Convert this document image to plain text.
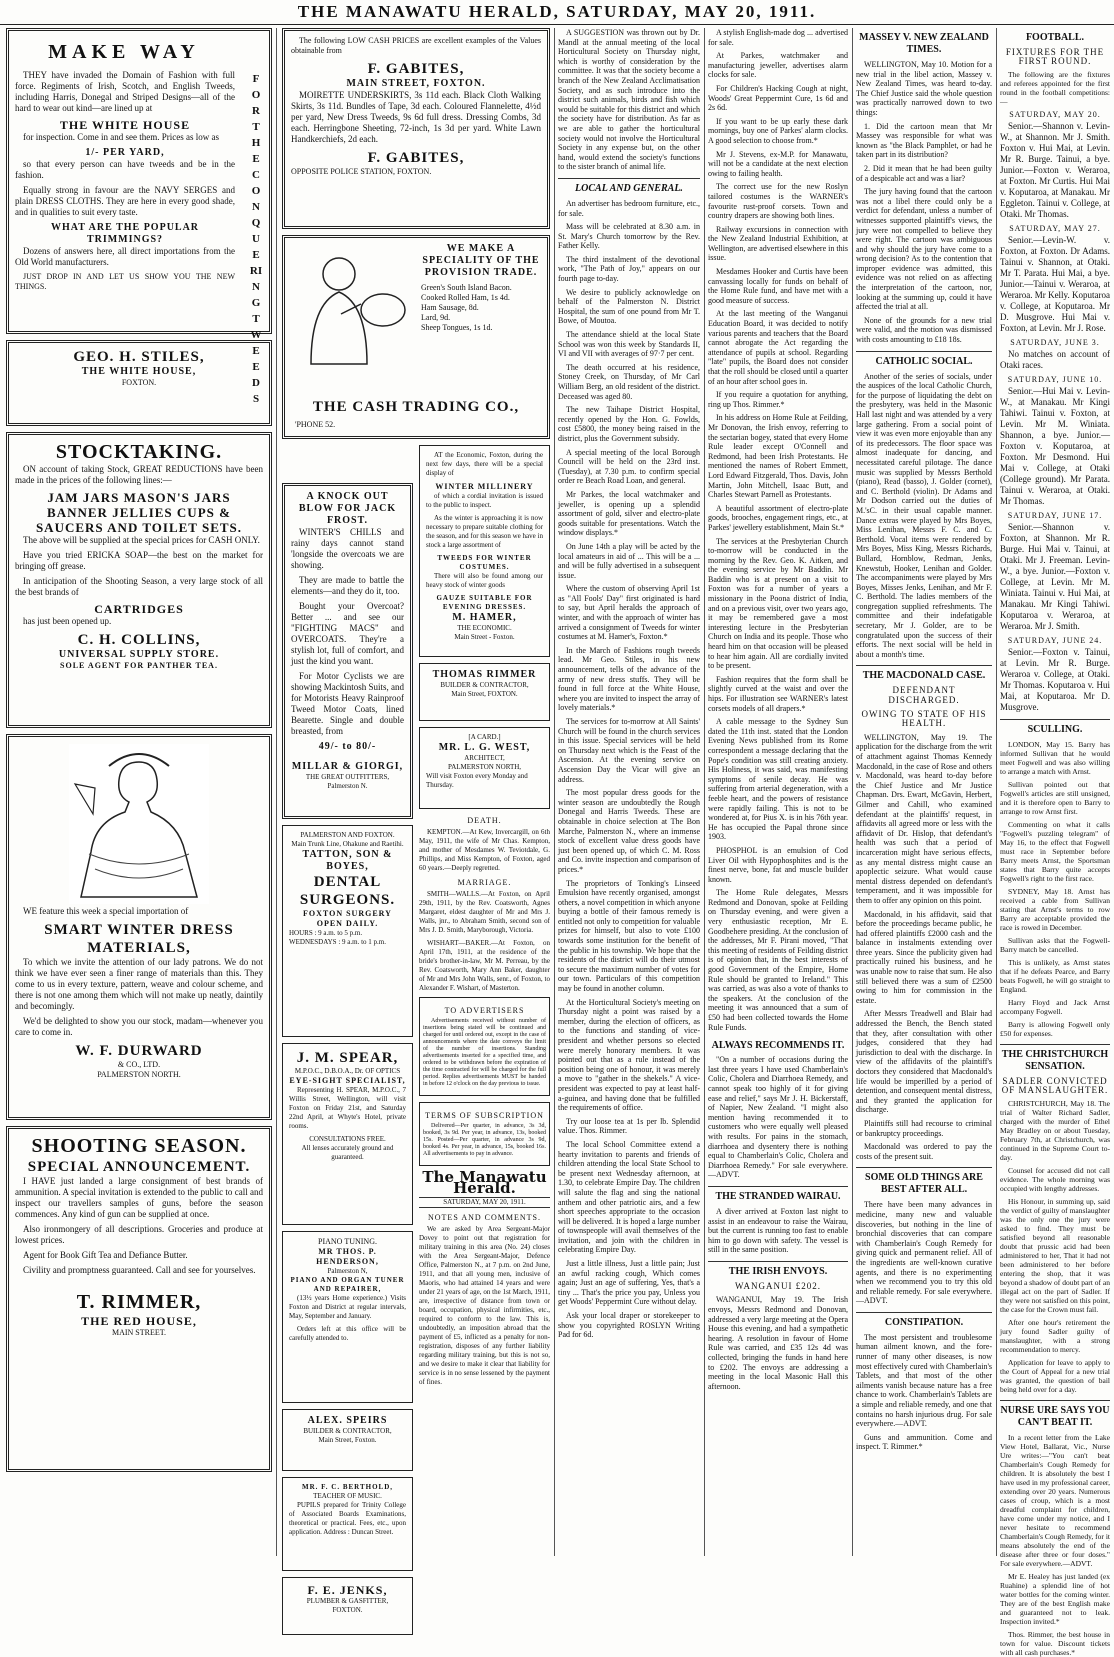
THE MANAWATU HERALD, SATURDAY, MAY 20, 1911.
MAKE WAY
FOR THE CONQUERING TWEEDS

THEY have invaded the Domain of Fashion with full force. Regiments of Irish, Scotch, and English Tweeds, including Harris, Donegal and Striped Designs—all of the hard to wear out kind—are lined up at

THE WHITE HOUSE

for inspection. Come in and see them. Prices as low as

1/- PER YARD,

so that every person can have tweeds and be in the fashion.

Equally strong in favour are the NAVY SERGES and plain DRESS CLOTHS. They are here in every good shade, and in qualities to suit every taste.

WHAT ARE THE POPULAR TRIMMINGS?

Dozens of answers here, all direct importations from the Old World manufacturers.

JUST DROP IN AND LET US SHOW YOU THE NEW THINGS.

GEO. H. STILES,
THE WHITE HOUSE,
FOXTON.
STOCKTAKING.

ON account of taking Stock, GREAT REDUCTIONS have been made in the prices of the following lines:—

JAM JARS MASON'S JARS BANNER JELLIES CUPS & SAUCERS AND TOILET SETS.

The above will be supplied at the special prices for CASH ONLY.

Have you tried ERICKA SOAP—the best on the market for bringing off grease.

In anticipation of the Shooting Season, a very large stock of all the best brands of

CARTRIDGES

has just been opened up.

C. H. COLLINS,
UNIVERSAL SUPPLY STORE.
SOLE AGENT FOR PANTHER TEA.

WE feature this week a special importation of

SMART WINTER DRESS MATERIALS,

To which we invite the attention of our lady patrons. We do not think we have ever seen a finer range of materials than this. They come to us in every texture, pattern, weave and colour scheme, and there is not one among them which will not make up neatly, daintily and becomingly.

We'd be delighted to show you our stock, madam—whenever you care to come in.

W. F. DURWARD
& CO., LTD.
PALMERSTON NORTH.
SHOOTING SEASON.
SPECIAL ANNOUNCEMENT.

I HAVE just landed a large consignment of best brands of ammunition. A special invitation is extended to the public to call and inspect our travellers samples of guns, before the season commences. Any kind of gun can be supplied at once.

Also ironmongery of all descriptions. Groceries and produce at lowest prices.

Agent for Book Gift Tea and Defiance Butter.

Civility and promptness guaranteed. Call and see for yourselves.

T. RIMMER,
THE RED HOUSE,
MAIN STREET.

The following LOW CASH PRICES are excellent examples of the Values obtainable from

F. GABITES,
MAIN STREET, FOXTON.

MOIRETTE UNDERSKIRTS, 3s 11d each. Black Cloth Walking Skirts, 3s 11d. Bundles of Tape, 3d each. Coloured Flannelette, 4½d per yard, New Dress Tweeds, 9s 6d full dress. Dressing Combs, 3d each. Herringbone Sheeting, 72-inch, 1s 3d per yard. White Lawn Handkerchiefs, 2d each.

F. GABITES,
OPPOSITE POLICE STATION, FOXTON.
WE MAKE A SPECIALITY OF THE PROVISION TRADE.
Green's South Island Bacon.
Cooked Rolled Ham, 1s 4d.
Ham Sausage, 8d.
Lard, 9d.
Sheep Tongues, 1s 1d.
THE CASH TRADING CO.,
'PHONE 52.
A KNOCK OUT BLOW FOR JACK FROST.

WINTER'S CHILLS and rainy days cannot stand 'longside the overcoats we are showing.

They are made to battle the elements—and they do it, too.

Bought your Overcoat? Better ... and see our "FIGHTING MACS" and OVERCOATS. They're a stylish lot, full of comfort, and just the kind you want.

For Motor Cyclists we are showing Mackintosh Suits, and for Motorists Heavy Rainproof Tweed Motor Coats, lined Bearette. Single and double breasted, from

49/- to 80/-
MILLAR & GIORGI,
THE GREAT OUTFITTERS,
Palmerston N.
PALMERSTON AND FOXTON.
Main Trunk Line, Ohakune and Raetihi.
TATTON, SON & BOYES,
DENTAL SURGEONS.
FOXTON SURGERY OPEN DAILY.
HOURS : 9 a.m. to 5 p.m.
WEDNESDAYS : 9 a.m. to 1 p.m.
J. M. SPEAR,
M.P.O.C., D.B.O.A., Dr. OF OPTICS
EYE-SIGHT SPECIALIST,

Representing H. SPEAR, M.P.O.C., 7 Willis Street, Wellington, will visit Foxton on Friday 21st, and Saturday 22nd April, at Whyte's Hotel, private rooms.

CONSULTATIONS FREE.
All lenses accurately ground and guaranteed.
PIANO TUNING.
MR THOS. P. HENDERSON,
Palmerston N,
PIANO AND ORGAN TUNER AND REPAIRER,

(13½ years Home experience.) Visits Foxton and District at regular intervals, May, September and January.

Orders left at this office will be carefully attended to.

ALEX. SPEIRS
BUILDER & CONTRACTOR,
Main Street, Foxton.
MR. F. C. BERTHOLD,
TEACHER OF MUSIC.

PUPILS prepared for Trinity College of Associated Boards Examinations, theoretical or practical. Fees, etc., upon application. Address : Duncan Street.

F. E. JENKS,
PLUMBER & GASFITTER,
FOXTON.

AT the Economic, Foxton, during the next few days, there will be a special display of

WINTER MILLINERY

of which a cordial invitation is issued to the public to inspect.

As the winter is approaching it is now necessary to prepare suitable clothing for the season, and for this season we have in stock a large assortment of

TWEEDS FOR WINTER COSTUMES.

There will also be found among our heavy stock of winter goods

GAUZE SUITABLE FOR EVENING DRESSES.
M. HAMER,
THE ECONOMIC.
Main Street - Foxton.
THOMAS RIMMER
BUILDER & CONTRACTOR,
Main Street, FOXTON.
[A CARD.]
MR. L. G. WEST,
ARCHITECT,
PALMERSTON NORTH,
Will visit Foxton every Monday and Thursday.
DEATH.

KEMPTON.—At Kew, Invercargill, on 6th May, 1911, the wife of Mr Chas. Kempton, and mother of Mesdames W. Teviotdale, G. Phillips, and Miss Kempton, of Foxton, aged 60 years.—Deeply regretted.

MARRIAGE.

SMITH—WALLS.—At Foxton, on April 29th, 1911, by the Rev. Coatsworth, Agnes Margaret, eldest daughter of Mr and Mrs J. Walls, jnr., to Abraham Smith, second son of Mrs J. D. Smith, Maryborough, Victoria.

WISHART—BAKER.—At Foxton, on April 17th, 1911, at the residence of the bride's brother-in-law, Mr M. Perreau, by the Rev. Coatsworth, Mary Ann Baker, daughter of Mr and Mrs John Walls, senr., of Foxton, to Alexander F. Wishart, of Masterton.

TO ADVERTISERS

Advertisements received without number of insertions being stated will be continued and charged for until ordered out, except in the case of announcements where the date conveys the limit of the number of insertions. Standing advertisements inserted for a specified time, and ordered to be withdrawn before the expiration of the time contracted for will be charged for the full period. Replies advertisements MUST be handed in before 12 o'clock on the day previous to issue.

TERMS OF SUBSCRIPTION

Delivered—Per quarter, in advance, 3s 3d, booked, 3s 9d. Per year, in advance, 13s, booked 15s. Posted—Per quarter, in advance 3s 9d, booked 4s. Per year, in advance, 15s, booked 16s. All advertisements to pay in advance.

The Manawatu Herald.
SATURDAY, MAY 20, 1911.
NOTES AND COMMENTS.

We are asked by Area Sergeant-Major Dovey to point out that registration for military training in this area (No. 24) closes with the Area Sergeant-Major, Defence Office, Palmerston N., at 7 p.m. on 2nd June, 1911, and that all young men, inclusive of Maoris, who had attained 14 years and were under 21 years of age, on the 1st March, 1911, are, irrespective of distance from town or board, occupation, physical infirmities, etc., required to conform to the law. This is, undoubtedly, an imposition abroad that the payment of £5, inflicted as a penalty for non-registration, disposes of any further liability regarding military training, but this is not so, and we desire to make it clear that liability for service is in no sense lessened by the payment of fines.

A SUGGESTION was thrown out by Dr. Mandl at the annual meeting of the local Horticultural Society on Thursday night, which is worthy of consideration by the committee. It was that the society become a branch of the New Zealand Acclimatisation Society, and as such introduce into the district such animals, birds and fish which would be suitable for this district and which the society have for distribution. As far as we are able to gather the horticultural society would not involve the Horticultural Society in any expense but, on the other hand, would extend the society's functions to the sister branch of animal life.

LOCAL AND GENERAL.

An advertiser has bedroom furniture, etc., for sale.

Mass will be celebrated at 8.30 a.m. in St. Mary's Church tomorrow by the Rev. Father Kelly.

The third instalment of the devotional work, "The Path of Joy," appears on our fourth page to-day.

We desire to publicly acknowledge on behalf of the Palmerston N. District Hospital, the sum of one pound from Mr T. Bowe, of Moutoa.

The attendance shield at the local State School was won this week by Standards II, VI and VII with averages of 97·7 per cent.

The death occurred at his residence, Stoney Creek, on Thursday, of Mr Carl William Berg, an old resident of the district. Deceased was aged 80.

The new Taihape District Hospital, recently opened by the Hon. G. Fowlds, cost £5800, the money being raised in the district, plus the Government subsidy.

A special meeting of the local Borough Council will be held on the 23rd inst. (Tuesday), at 7.30 p.m. to confirm special order re Beach Road Loan, and general.

Mr Parkes, the local watchmaker and jeweller, is opening up a splendid assortment of gold, silver and electro-plate goods suitable for presentations. Watch the window displays.*

On June 14th a play will be acted by the local amateurs in aid of ... This will be a ... and will be fully advertised in a subsequent issue.

Where the custom of observing April 1st as "All Fools' Day" first originated is hard to say, but April heralds the approach of winter, and with the approach of winter has arrived a consignment of Tweeds for winter costumes at M. Hamer's, Foxton.*

In the March of Fashions rough tweeds lead. Mr Geo. Stiles, in his new announcement, tells of the advance of the army of new dress stuffs. They will be found in full force at the White House, where you are invited to inspect the array of lovely materials.*

The services for to-morrow at All Saints' Church will be found in the church services in this issue. Special services will be held on Thursday next which is the Feast of the Ascension. At the evening service on Ascension Day the Vicar will give an address.

The most popular dress goods for the winter season are undoubtedly the Rough Donegal and Harris Tweeds. These are obtainable in choice selection at The Bon Marche, Palmerston N., where an immense stock of excellent value dress goods have just been opened up, of which C. M. Ross and Co. invite inspection and comparison of prices.*

The proprietors of Tonking's Linseed Emulsion have recently organised, amongst others, a novel competition in which anyone buying a bottle of their famous remedy is entitled not only to competition for valuable prizes for himself, but also to vote £100 towards some institution for the benefit of the public in his township. We hope that the residents of the district will do their utmost to secure the maximum number of votes for our town. Particulars of this competition may be found in another column.

At the Horticultural Society's meeting on Thursday night a point was raised by a member, during the election of officers, as to the functions and standing of vice-president and whether persons so elected were merely honorary members. It was pointed out that as a rule instead of the position being one of honour, it was merely a move to "gather in the shekels." A vice-president was expected to pay at least half-a-guinea, and having done that be fulfilled the requirements of office.

Try our loose tea at 1s per lb. Splendid value. Thos. Rimmer.

The local School Committee extend a hearty invitation to parents and friends of children attending the local State School to be present next Wednesday afternoon, at 1.30, to celebrate Empire Day. The children will salute the flag and sing the national anthem and other patriotic airs, and a few short speeches appropriate to the occasion will be delivered. It is hoped a large number of townspeople will avail themselves of the invitation, and join with the children in celebrating Empire Day.

Just a little illness, Just a little pain; Just an awful racking cough, Which comes again; Just an age of suffering, Yes, that's a tiny ... That's the price you pay, Unless you get Woods' Peppermint Cure without delay.

Ask your local draper or storekeeper to show you copyrighted ROSLYN Writing Pad for 6d.

A stylish English-made dog ... advertised for sale.

At Parkes, watchmaker and manufacturing jeweller, advertises alarm clocks for sale.

For Children's Hacking Cough at night, Woods' Great Peppermint Cure, 1s 6d and 2s 6d.

If you want to be up early these dark mornings, buy one of Parkes' alarm clocks. A good selection to choose from.*

Mr J. Stevens, ex-M.P. for Manawatu, will not be a candidate at the next election owing to failing health.

The correct use for the new Roslyn tailored costumes is the WARNER's favourite rust-proof corsets. Town and country drapers are showing both lines.

Railway excursions in connection with the New Zealand Industrial Exhibition, at Wellington, are advertised elsewhere in this issue.

Mesdames Hooker and Curtis have been canvassing locally for funds on behalf of the Home Rule fund, and have met with a good measure of success.

At the last meeting of the Wanganui Education Board, it was decided to notify various parents and teachers that the Board cannot abrogate the Act regarding the attendance of pupils at school. Regarding "late" pupils, the Board does not consider that the roll should be closed until a quarter of an hour after school goes in.

If you require a quotation for anything, ring up Thos. Rimmer.*

In his address on Home Rule at Feilding, Mr Donovan, the Irish envoy, referring to the sectarian bogey, stated that every Home Rule leader except O'Connell and Redmond, had been Irish Protestants. He mentioned the names of Robert Emmett, Lord Edward Fitzgerald, Thos. Davis, John Martin, John Mitchell, Isaac Butt, and Charles Stewart Parnell as Protestants.

A beautiful assortment of electro-plate goods, brooches, engagement rings, etc., at Parkes' jewellery establishment, Main St.*

The services at the Presbyterian Church to-morrow will be conducted in the morning by the Rev. Geo. K. Aitken, and the evening service by Mr Baddin. Mr Baddin who is at present on a visit to Foxton was for a number of years a missionary in the Poona district of India, and on a previous visit, over two years ago, it may be remembered gave a most interesting lecture in the Presbyterian Church on India and its people. Those who heard him on that occasion will be pleased to hear him again. All are cordially invited to be present.

Fashion requires that the form shall be slightly curved at the waist and over the hips. For illustration see WARNER's latest corsets models of all drapers.*

A cable message to the Sydney Sun dated the 11th inst. stated that the London Evening News published from its Rome correspondent a message declaring that the Pope's condition was still creating anxiety. His Holiness, it was said, was manifesting symptoms of senile decay. He was suffering from arterial degeneration, with a feeble heart, and the powers of resistance were rapidly failing. This is not to be wondered at, for Pius X. is in his 76th year. He has occupied the Papal throne since 1903.

PHOSPHOL is an emulsion of Cod Liver Oil with Hypophosphites and is the finest nerve, bone, fat and muscle builder known.

The Home Rule delegates, Messrs Redmond and Donovan, spoke at Feilding on Thursday evening, and were given a very enthusiastic reception, Mr E. Goodbehere presiding. At the conclusion of the addresses, Mr F. Pirani moved, "That this meeting of residents of Feilding district is of opinion that, in the best interests of good Government of the Empire, Home Rule should be granted to Ireland." This was carried, as was also a vote of thanks to the speakers. At the conclusion of the meeting it was announced that a sum of £50 had been collected towards the Home Rule Funds.

ALWAYS RECOMMENDS IT.

"On a number of occasions during the last three years I have used Chamberlain's Colic, Cholera and Diarrhoea Remedy, and cannot speak too highly of it for giving ease and relief," says Mr J. H. Bickerstaff, of Napier, New Zealand. "I might also mention having recommended it to customers who were equally well pleased with results. For pains in the stomach, diarrhoea and dysentery there is nothing equal to Chamberlain's Colic, Cholera and Diarrhoea Remedy." For sale everywhere.—ADVT.

THE STRANDED WAIRAU.

A diver arrived at Foxton last night to assist in an endeavour to raise the Wairau, but the current is running too fast to enable him to go down with safety. The vessel is still in the same position.

THE IRISH ENVOYS.
WANGANUI £202.

WANGANUI, May 19. The Irish envoys, Messrs Redmond and Donovan, addressed a very large meeting at the Opera House this evening, and had a sympathetic hearing. A resolution in favour of Home Rule was carried, and £35 12s 4d was collected, bringing the funds in hand here to £202. The envoys are addressing a meeting in the local Masonic Hall this afternoon.

MASSEY V. NEW ZEALAND TIMES.

WELLINGTON, May 10. Motion for a new trial in the libel action, Massey v. New Zealand Times, was heard to-day. The Chief Justice said the whole question was practically narrowed down to two things:

1. Did the cartoon mean that Mr Massey was responsible for what was known as "the Black Pamphlet, or had he taken part in its distribution?

2. Did it mean that he had been guilty of a despicable act and was a liar?

The jury having found that the cartoon was not a libel there could only be a verdict for defendant, unless a number of witnesses supported plaintiff's views, the jury were not compelled to believe they were right. The cartoon was ambiguous and why should the jury have come to a wrong decision? As to the contention that improper evidence was admitted, this evidence was not relied on as affecting the interpretation of the cartoon, nor, looking at the summing up, could it have affected the trial at all.

None of the grounds for a new trial were valid, and the motion was dismissed with costs amounting to £18 18s.

CATHOLIC SOCIAL.

Another of the series of socials, under the auspices of the local Catholic Church, for the purpose of liquidating the debt on the presbytery, was held in the Masonic Hall last night and was attended by a very large gathering. From a social point of view it was even more enjoyable than any of its predecessors. The floor space was almost inadequate for dancing, and necessitated careful pilotage. The dance music was supplied by Messrs Berthold (piano), Read (basso), J. Golder (cornet), and C. Berthold (violin). Dr Adams and Mr Dodson carried out the duties of M.'sC. in their usual capable manner. Dance extras were played by Mrs Boyes, Miss Lenihan, Messrs F. C. and C. Berthold. Vocal items were rendered by Mrs Boyes, Miss King, Messrs Richards, Bullard, Hornblow, Redman, Jenks, Knewstub, Hooker, Lenihan and Golder. The accompaniments were played by Mrs Boyes, Misses Jenks, Lenihan, and Mr F. C. Berthold. The ladies members of the congregation supplied refreshments. The committee and their indefatigable secretary, Mr J. Golder, are to be congratulated upon the success of their efforts. The next social will be held in about a month's time.

THE MACDONALD CASE.
DEFENDANT DISCHARGED.
OWING TO STATE OF HIS HEALTH.

WELLINGTON, May 19. The application for the discharge from the writ of attachment against Thomas Kennedy Macdonald, in the case of Rose and others v. Macdonald, was heard to-day before the Chief Justice and Mr Justice Chapman. Drs. Ewart, McGavin, Herbert, Gilmer and Cahill, who examined defendant at the plaintiffs' request, in affidavits all agreed more or less with the affidavit of Dr. Hislop, that defendant's health was such that a period of incarceration might have serious effects, as any mental distress might cause an apoplectic seizure. What would cause mental distress depended on defendant's temperament, and it was impossible for them to offer any opinion on this point.

Macdonald, in his affidavit, said that before the proceedings became public, he had offered plaintiffs £2000 cash and the balance in instalments extending over three years. Since the publicity given had practically ruined his business, and he was unable now to raise that sum. He also still believed there was a sum of £2500 owing to him for commission in the estate.

After Messrs Treadwell and Blair had addressed the Bench, the Bench stated that they, after consultation with other judges, considered that they had jurisdiction to deal with the discharge. In view of the affidavits of the plaintiff's doctors they considered that Macdonald's life would be imperilled by a period of detention, and consequent mental distress, and they granted the application for discharge.

Plaintiffs still had recourse to criminal or bankruptcy proceedings.

Macdonald was ordered to pay the costs of the present suit.

SOME OLD THINGS ARE BEST AFTER ALL.

There have been many advances in medicine, many new and valuable discoveries, but nothing in the line of bronchial discoveries that can compare with Chamberlain's Cough Remedy for giving quick and permanent relief. All of the ingredients are well-known curative agents, and there is no experimenting when we recommend you to try this old and reliable remedy. For sale everywhere.—ADVT.

CONSTIPATION.

The most persistent and troublesome human ailment known, and the fore-runner of many other diseases, is now most effectively cured with Chamberlain's Tablets, and that most of the other ailments vanish because nature has a free chance to work. Chamberlain's Tablets are a simple and reliable remedy, and one that contains no harsh injurious drug. For sale everywhere.—ADVT.

Guns and ammunition. Come and inspect. T. Rimmer.*

FOOTBALL.
FIXTURES FOR THE FIRST ROUND.

The following are the fixtures and referees appointed for the first round in the football competitions:—

SATURDAY, MAY 20.

Senior.—Shannon v. Levin-W., at Shannon. Mr J. Smith. Foxton v. Hui Mai, at Levin. Mr R. Burge. Tainui, a bye. Junior.—Foxton v. Weraroa, at Foxton. Mr Curtis. Hui Mai v. Koputaroa, at Manakau. Mr Eggleton. Tainui v. College, at Otaki. Mr Thomas.

SATURDAY, MAY 27.

Senior.—Levin-W. v. Foxton, at Foxton. Dr Adams. Tainui v. Shannon, at Otaki. Mr T. Parata. Hui Mai, a bye. Junior.—Tainui v. Weraroa, at Weraroa. Mr Kelly. Koputaroa v. College, at Koputaroa. Mr D. Musgrove. Hui Mai v. Foxton, at Levin. Mr J. Rose.

SATURDAY, JUNE 3.

No matches on account of Otaki races.

SATURDAY, JUNE 10.

Senior.—Hui Mai v. Levin-W., at Manakau. Mr Kingi Tahiwi. Tainui v. Foxton, at Levin. Mr M. Winiata. Shannon, a bye. Junior.—Foxton v. Koputaroa, at Foxton. Mr Desmond. Hui Mai v. College, at Otaki (College ground). Mr Parata. Tainui v. Weraroa, at Otaki. Mr Thomas.

SATURDAY, JUNE 17.

Senior.—Shannon v. Foxton, at Shannon. Mr R. Burge. Hui Mai v. Tainui, at Otaki. Mr J. Freeman. Levin-W., a bye. Junior.—Foxton v. College, at Levin. Mr M. Winiata. Tainui v. Hui Mai, at Manakau. Mr Kingi Tahiwi. Koputaroa v. Weraroa, at Weraroa. Mr J. Smith.

SATURDAY, JUNE 24.

Senior.—Foxton v. Tainui, at Levin. Mr R. Burge. Weraroa v. College, at Otaki. Mr Thomas. Koputaroa v. Hui Mai, at Koputaroa. Mr D. Musgrove.

SCULLING.

LONDON, May 15. Barry has informed Sullivan that he would meet Fogwell and was also willing to arrange a match with Arnst.

Sullivan pointed out that Fogwell's articles are still unsigned, and it is therefore open to Barry to arrange to row Arnst first.

Commenting on what it calls "Fogwell's puzzling telegram" of May 16, to the effect that Fogwell must race in September before Barry meets Arnst, the Sportsman states that Barry quite accepts Fogwell's right to the first race.

SYDNEY, May 18. Arnst has received a cable from Sullivan stating that Arnst's terms to row Barry are acceptable provided the race is rowed in December.

Sullivan asks that the Fogwell-Barry match be cancelled.

This is unlikely, as Arnst states that if he defeats Pearce, and Barry beats Fogwell, he will go straight to England.

Harry Floyd and Jack Arnst accompany Fogwell.

Barry is allowing Fogwell only £50 for expenses.

THE CHRISTCHURCH SENSATION.
SADLER CONVICTED OF MANSLAUGHTER.

CHRISTCHURCH, May 18. The trial of Walter Richard Sadler, charged with the murder of Ethel May Bradley on or about Tuesday, February 7th, at Christchurch, was continued in the Supreme Court to-day.

Counsel for accused did not call evidence. The whole morning was occupied with lengthy addresses.

His Honour, in summing up, said the verdict of guilty of manslaughter was the only one the jury were asked to find. They must be satisfied beyond all reasonable doubt that prussic acid had been administered to her, That it had not been administered to her before entering the shop, that it was beyond a shadow of doubt part of an illegal act on the part of Sadler. If they were not satisfied on this point, the case for the Crown must fail.

After one hour's retirement the jury found Sadler guilty of manslaughter, with a strong recommendation to mercy.

Application for leave to apply to the Court of Appeal for a new trial was granted, the question of bail being held over for a day.

NURSE URE SAYS YOU CAN'T BEAT IT.

In a recent letter from the Lake View Hotel, Ballarat, Vic., Nurse Ure writes:—"You can't beat Chamberlain's Cough Remedy for children. It is absolutely the best I have used in my professional career, extending over 20 years. Numerous cases of croup, which is a most dreadful complaint for children, have come under my notice, and I never hesitate to recommend Chamberlain's Cough Remedy, for it means absolutely the end of the disease after three or four doses." For sale everywhere.—ADVT.

Mr E. Healey has just landed (ex Ruahine) a splendid line of hot water bottles for the coming winter. They are of the best English make and guaranteed not to leak. Inspection invited.*

Thos. Rimmer, the best house in town for value. Discount tickets with all cash purchases.*
